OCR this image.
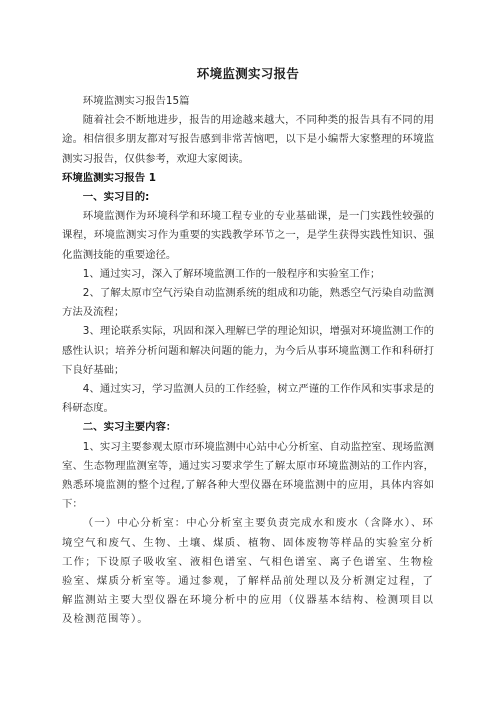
环境监测实习报告

环境监测实习报告15篇

随着社会不断地进步，报告的用途越来越大，不同种类的报告具有不同的用途。相信很多朋友都对写报告感到非常苦恼吧，以下是小编帮大家整理的环境监测实习报告，仅供参考，欢迎大家阅读。

环境监测实习报告 1

一、实习目的:

环境监测作为环境科学和环境工程专业的专业基础课，是一门实践性较强的课程，环境监测实习作为重要的实践教学环节之一，是学生获得实践性知识、强化监测技能的重要途径。

1、通过实习，深入了解环境监测工作的一般程序和实验室工作；

2、了解太原市空气污染自动监测系统的组成和功能，熟悉空气污染自动监测方法及流程；

3、理论联系实际，巩固和深入理解已学的理论知识，增强对环境监测工作的感性认识；培养分析问题和解决问题的能力，为今后从事环境监测工作和科研打下良好基础；

4、通过实习，学习监测人员的工作经验，树立严谨的工作作风和实事求是的科研态度。

二、实习主要内容：

1、实习主要参观太原市环境监测中心站中心分析室、自动监控室、现场监测室、生态物理监测室等，通过实习要求学生了解太原市环境监测站的工作内容，熟悉环境监测的整个过程,了解各种大型仪器在环境监测中的应用，具体内容如下：

（一）中心分析室：中心分析室主要负责完成水和废水（含降水）、环境空气和废气、生物、土壤、煤质、植物、固体废物等样品的实验室分析工作；下设原子吸收室、液相色谱室、气相色谱室、离子色谱室、生物检验室、煤质分析室等。通过参观，了解样品前处理以及分析测定过程，了解监测站主要大型仪器在环境分析中的应用（仪器基本结构、检测项目以及检测范围等）。
